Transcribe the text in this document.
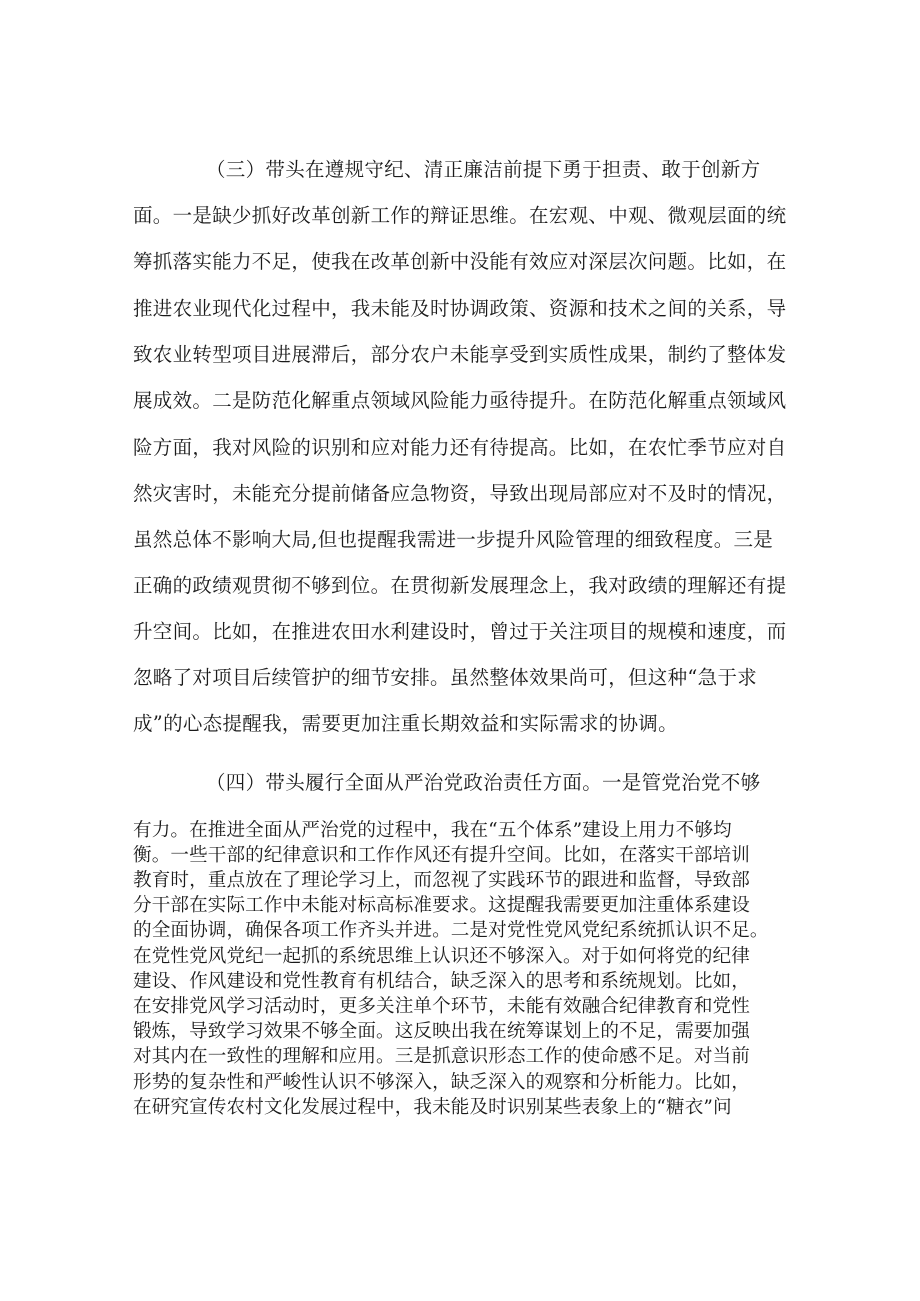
（三）带头在遵规守纪、清正廉洁前提下勇于担责、敢于创新方

面。一是缺少抓好改革创新工作的辩证思维。在宏观、中观、微观层面的统

筹抓落实能力不足，使我在改革创新中没能有效应对深层次问题。比如，在

推进农业现代化过程中，我未能及时协调政策、资源和技术之间的关系，导

致农业转型项目进展滞后，部分农户未能享受到实质性成果，制约了整体发

展成效。二是防范化解重点领域风险能力亟待提升。在防范化解重点领域风

险方面，我对风险的识别和应对能力还有待提高。比如，在农忙季节应对自

然灾害时，未能充分提前储备应急物资，导致出现局部应对不及时的情况，

虽然总体不影响大局,但也提醒我需进一步提升风险管理的细致程度。三是

正确的政绩观贯彻不够到位。在贯彻新发展理念上，我对政绩的理解还有提

升空间。比如，在推进农田水利建设时，曾过于关注项目的规模和速度，而

忽略了对项目后续管护的细节安排。虽然整体效果尚可，但这种“急于求

成”的心态提醒我，需要更加注重长期效益和实际需求的协调。

（四）带头履行全面从严治党政治责任方面。一是管党治党不够

有力。在推进全面从严治党的过程中，我在“五个体系”建设上用力不够均

衡。一些干部的纪律意识和工作作风还有提升空间。比如，在落实干部培训

教育时，重点放在了理论学习上，而忽视了实践环节的跟进和监督，导致部

分干部在实际工作中未能对标高标准要求。这提醒我需要更加注重体系建设

的全面协调，确保各项工作齐头并进。二是对党性党风党纪系统抓认识不足。

在党性党风党纪一起抓的系统思维上认识还不够深入。对于如何将党的纪律

建设、作风建设和党性教育有机结合，缺乏深入的思考和系统规划。比如，

在安排党风学习活动时，更多关注单个环节，未能有效融合纪律教育和党性

锻炼，导致学习效果不够全面。这反映出我在统筹谋划上的不足，需要加强

对其内在一致性的理解和应用。三是抓意识形态工作的使命感不足。对当前

形势的复杂性和严峻性认识不够深入，缺乏深入的观察和分析能力。比如，

在研究宣传农村文化发展过程中，我未能及时识别某些表象上的“糖衣”问
